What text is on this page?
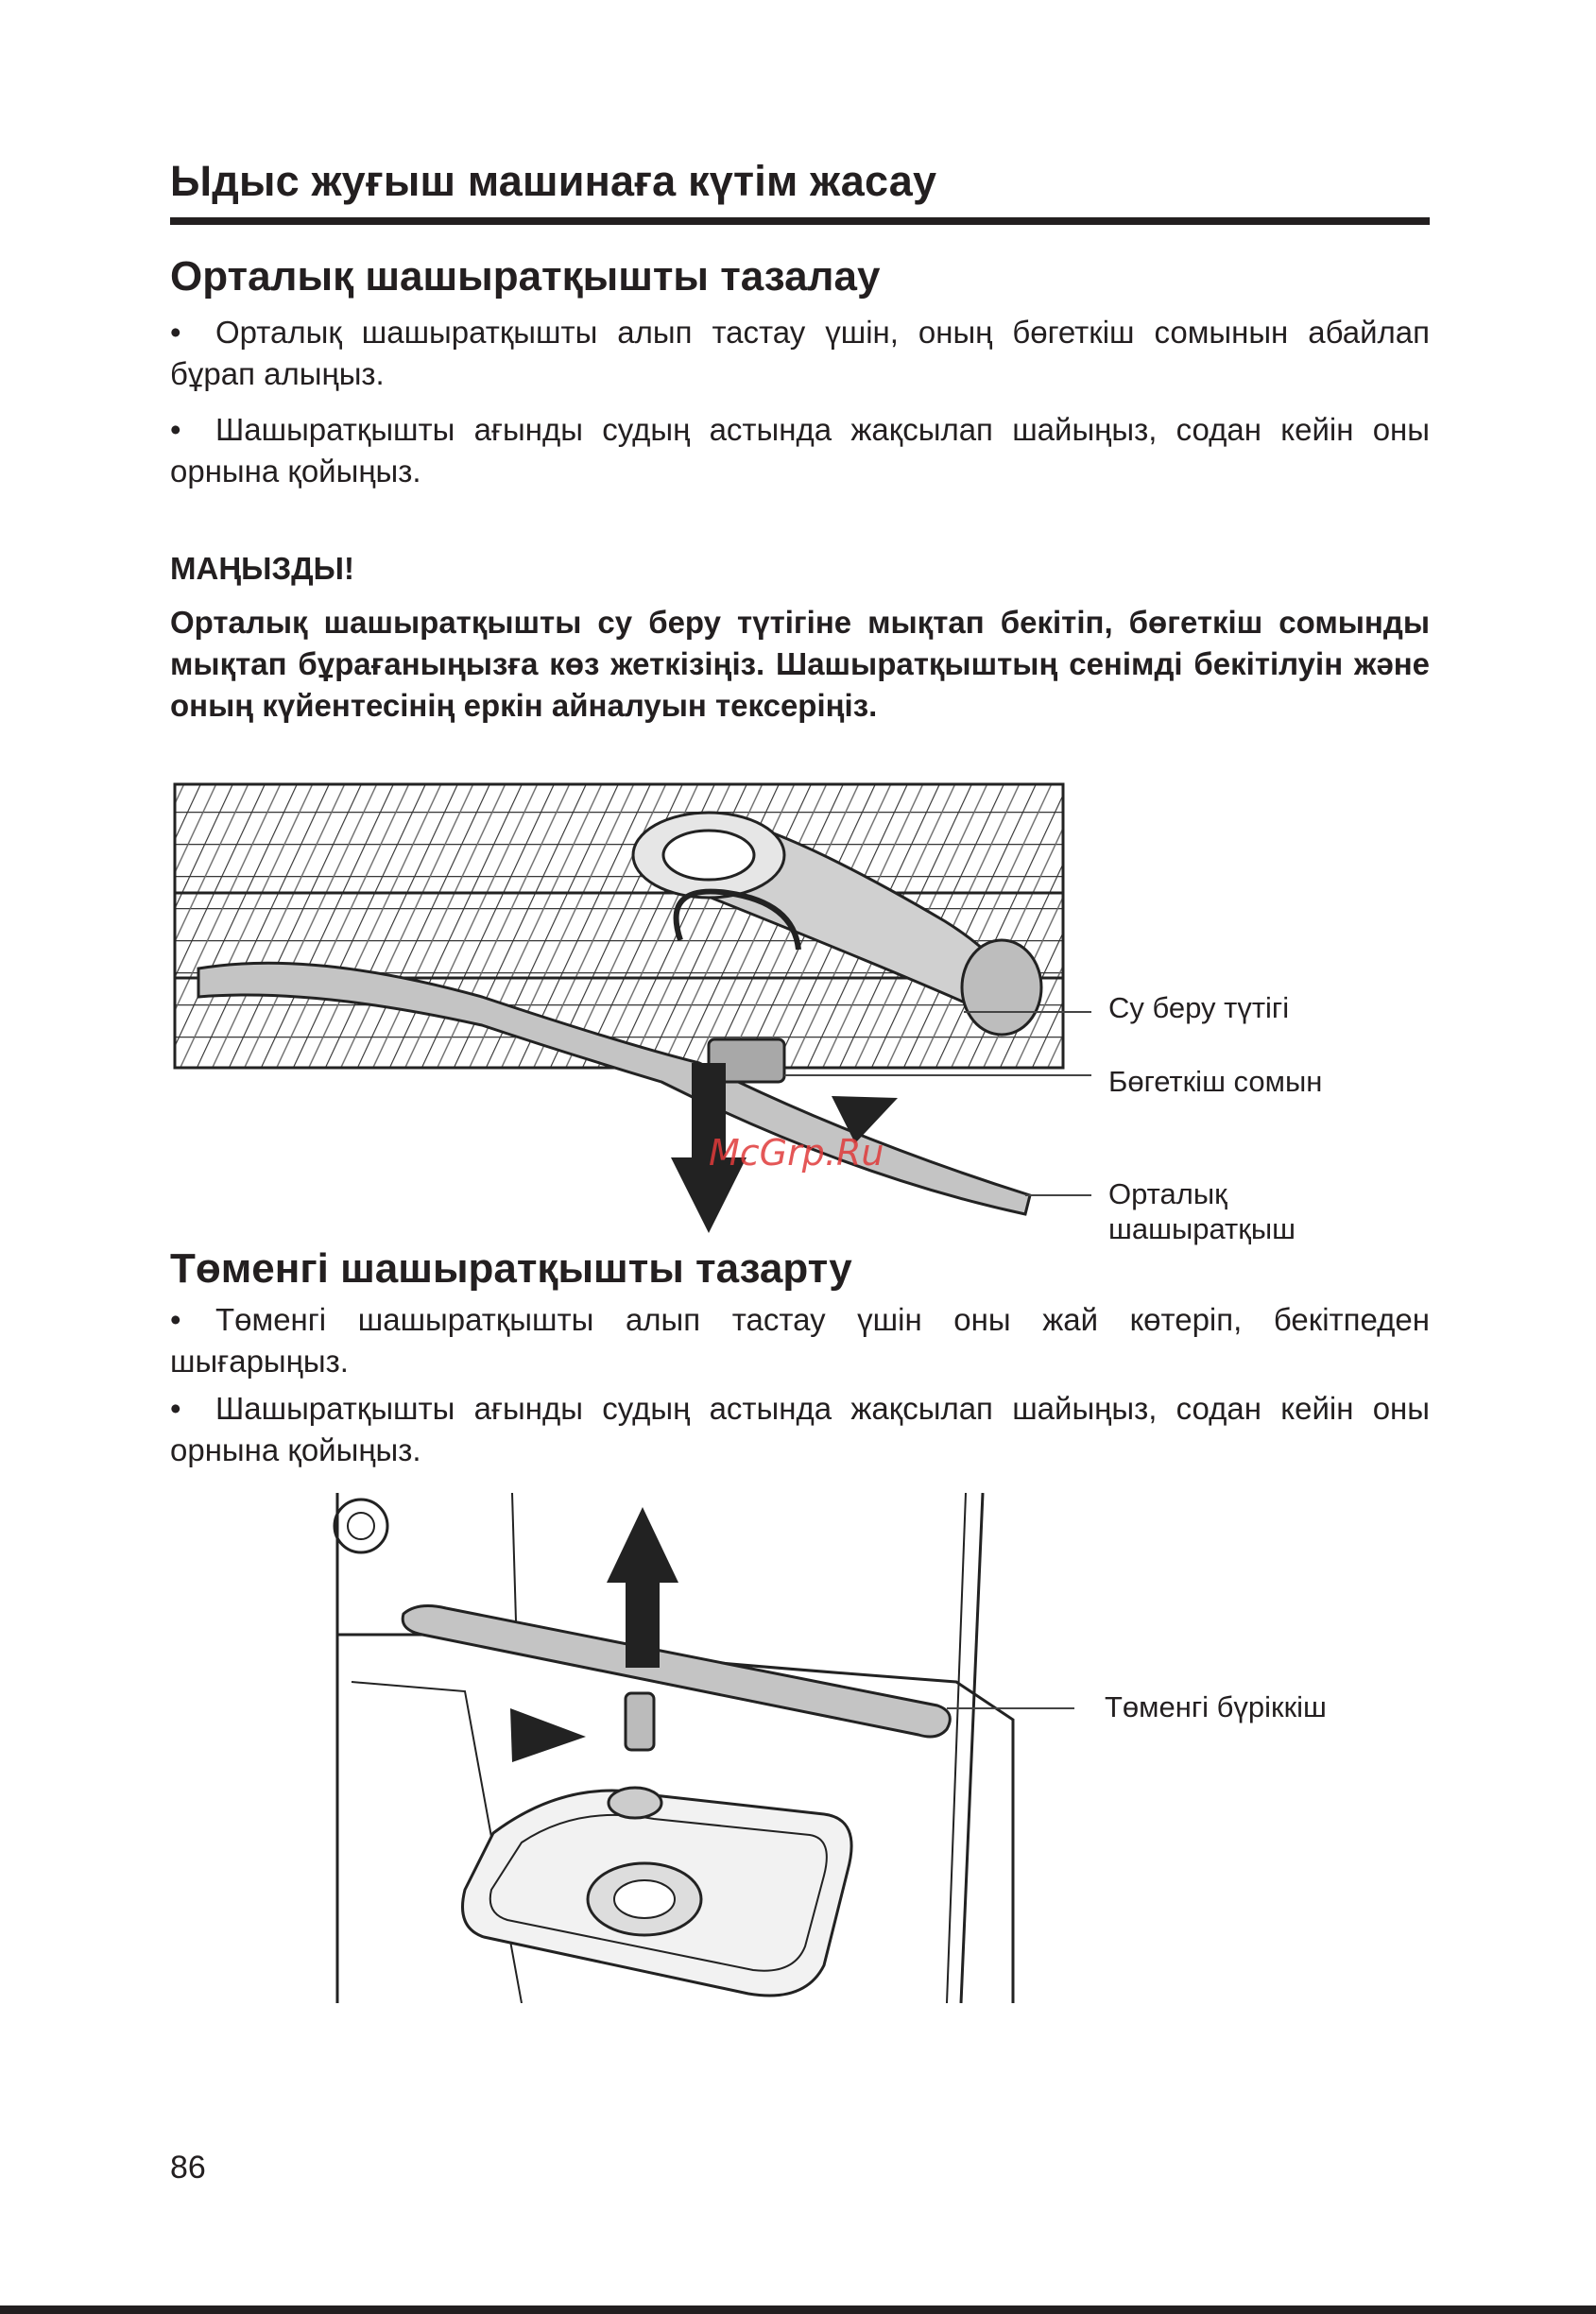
Ыдыс жуғыш машинаға күтім жасау
Орталық шашыратқышты тазалау

• Орталық шашыратқышты алып тастау үшін, оның бөгеткіш сомынын абайлап бұрап алыңыз.

• Шашыратқышты ағынды судың астында жақсылап шайыңыз, содан кейін оны орнына қойыңыз.

МАҢЫЗДЫ!

Орталық шашыратқышты су беру түтігіне мықтап бекітіп, бөгеткіш сомынды мықтап бұрағаныңызға көз жеткізіңіз. Шашыратқыштың сенімді бекітілуін және оның күйентесінің еркін айналуын тексеріңіз.

Су беру түтігі

Бөгеткіш сомын

Орталық

шашыратқыш

McGrp.Ru
Төменгі шашыратқышты тазарту

• Төменгі шашыратқышты алып тастау үшін оны жай көтеріп, бекітпеден шығарыңыз.

• Шашыратқышты ағынды судың астында жақсылап шайыңыз, содан кейін оны орнына қойыңыз.

Төменгі бүріккіш

86
